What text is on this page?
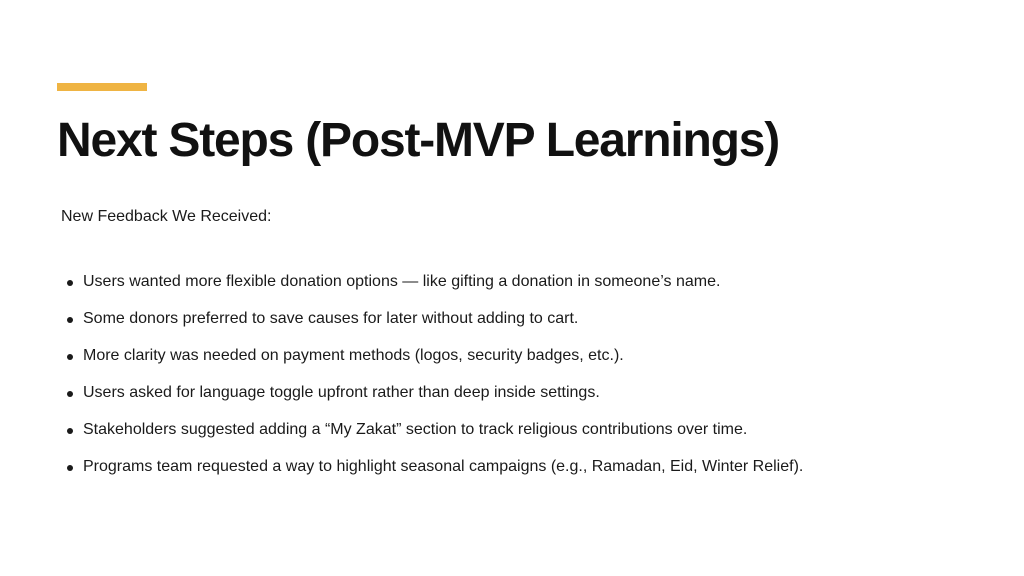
Next Steps (Post-MVP Learnings)

New Feedback We Received:

Users wanted more flexible donation options — like gifting a donation in someone’s name.
Some donors preferred to save causes for later without adding to cart.
More clarity was needed on payment methods (logos, security badges, etc.).
Users asked for language toggle upfront rather than deep inside settings.
Stakeholders suggested adding a “My Zakat” section to track religious contributions over time.
Programs team requested a way to highlight seasonal campaigns (e.g., Ramadan, Eid, Winter Relief).
